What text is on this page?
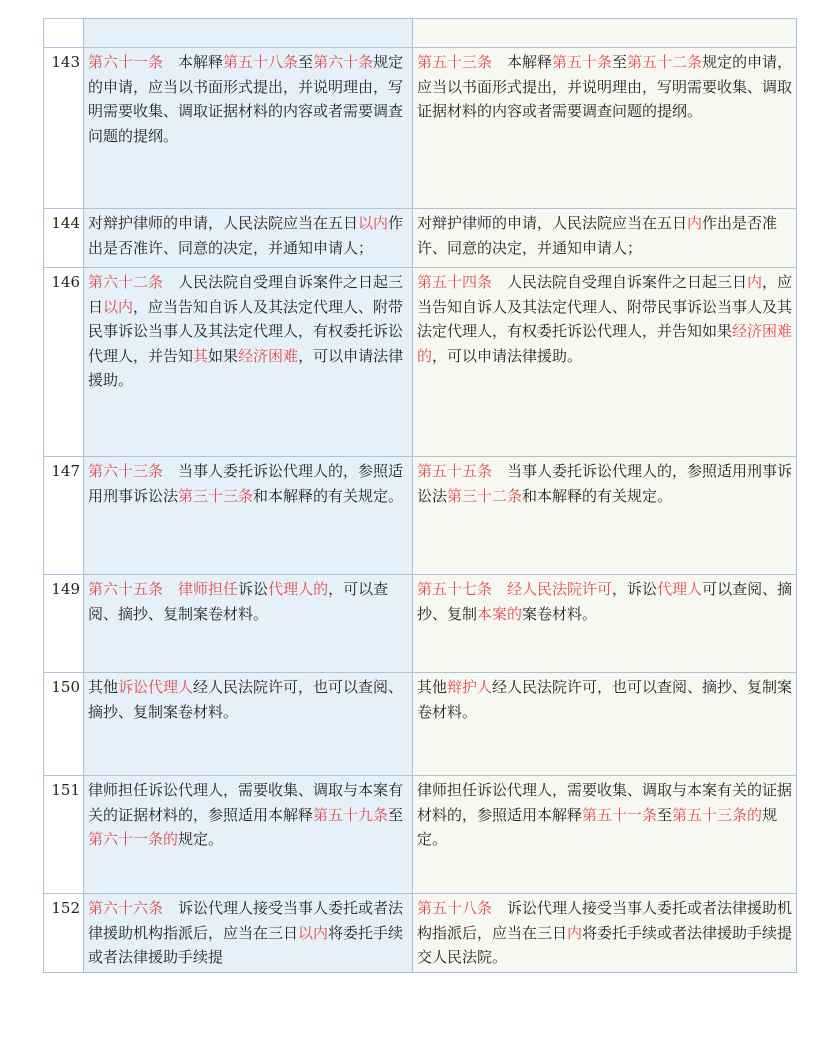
143	第六十一条　本解释第五十八条至第六十条规定的申请，应当以书面形式提出，并说明理由，写明需要收集、调取证据材料的内容或者需要调查问题的提纲。	第五十三条　本解释第五十条至第五十二条规定的申请，应当以书面形式提出，并说明理由，写明需要收集、调取证据材料的内容或者需要调查问题的提纲。
144	对辩护律师的申请，人民法院应当在五日以内作出是否准许、同意的决定，并通知申请人；	对辩护律师的申请，人民法院应当在五日内作出是否准许、同意的决定，并通知申请人；
146	第六十二条　人民法院自受理自诉案件之日起三日以内，应当告知自诉人及其法定代理人、附带民事诉讼当事人及其法定代理人，有权委托诉讼代理人，并告知其如果经济困难，可以申请法律援助。	第五十四条　人民法院自受理自诉案件之日起三日内，应当告知自诉人及其法定代理人、附带民事诉讼当事人及其法定代理人，有权委托诉讼代理人，并告知如果经济困难的，可以申请法律援助。
147	第六十三条　当事人委托诉讼代理人的，参照适用刑事诉讼法第三十三条和本解释的有关规定。	第五十五条　当事人委托诉讼代理人的，参照适用刑事诉讼法第三十二条和本解释的有关规定。
149	第六十五条　 律师担任诉讼代理人的，可以查阅、摘抄、复制案卷材料。	第五十七条　 经人民法院许可，诉讼代理人可以查阅、摘抄、复制本案的案卷材料。
150	其他诉讼代理人经人民法院许可，也可以查阅、摘抄、复制案卷材料。	其他辩护人经人民法院许可，也可以查阅、摘抄、复制案卷材料。
151	律师担任诉讼代理人，需要收集、调取与本案有关的证据材料的，参照适用本解释第五十九条至第六十一条的规定。	律师担任诉讼代理人，需要收集、调取与本案有关的证据材料的，参照适用本解释第五十一条至第五十三条的规定。
152	第六十六条　诉讼代理人接受当事人委托或者法律援助机构指派后，应当在三日以内将委托手续或者法律援助手续提	第五十八条　诉讼代理人接受当事人委托或者法律援助机构指派后，应当在三日内将委托手续或者法律援助手续提交人民法院。
